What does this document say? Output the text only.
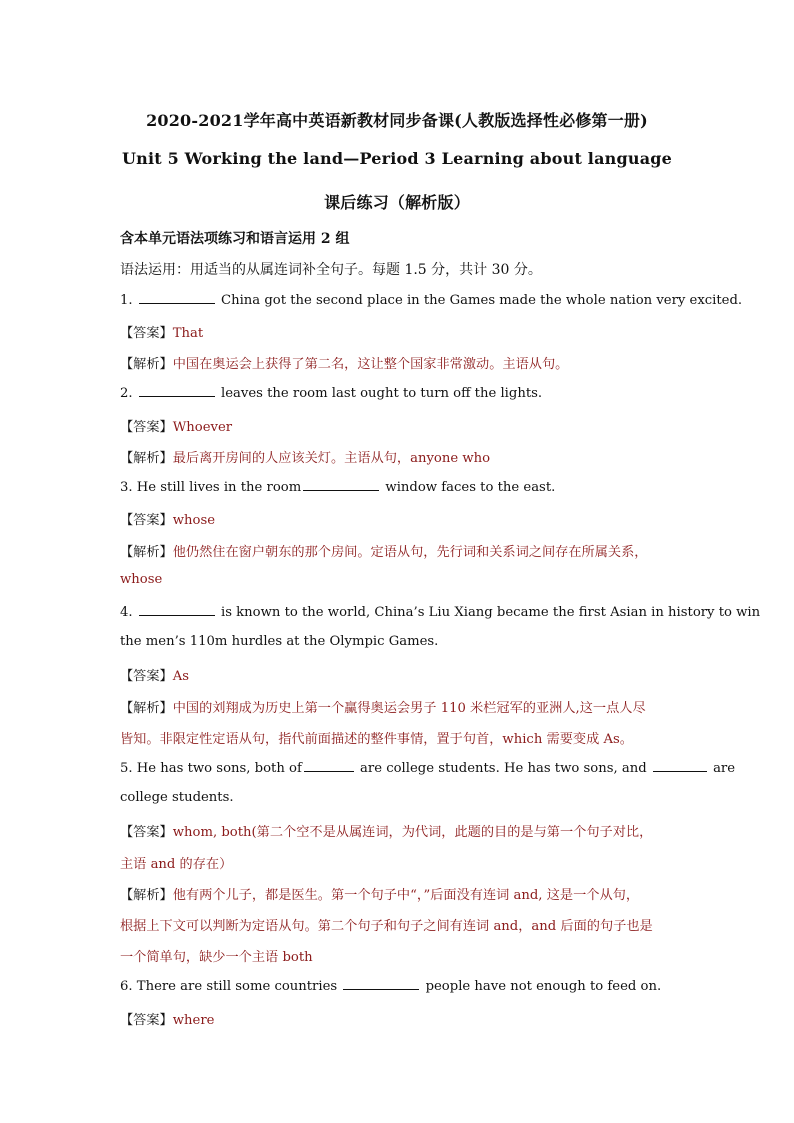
2020-2021学年高中英语新教材同步备课(人教版选择性必修第一册)
Unit 5 Working the land—Period 3 Learning about language
课后练习（解析版）
含本单元语法项练习和语言运用 2 组
语法运用：用适当的从属连词补全句子。每题 1.5 分，共计 30 分。
1.	China got the second place in the Games made the whole nation very excited.
【答案】That
【解析】中国在奥运会上获得了第二名，这让整个国家非常激动。主语从句。
2.	leaves the room last ought to turn off the lights.
【答案】Whoever
【解析】最后离开房间的人应该关灯。主语从句，anyone who
3. He still lives in the room	window faces to the east.
【答案】whose
【解析】他仍然住在窗户朝东的那个房间。定语从句，先行词和关系词之间存在所属关系，
whose
4.	is known to the world, China’s Liu Xiang became the first Asian in history to win
the men’s 110m hurdles at the Olympic Games.
【答案】As
【解析】中国的刘翔成为历史上第一个赢得奥运会男子 110 米栏冠军的亚洲人,这一点人尽
皆知。非限定性定语从句，指代前面描述的整件事情，置于句首，which 需要变成 As。
5. He has two sons, both of	are college students. He has two sons, and	are
college students.
【答案】whom, both(第二个空不是从属连词，为代词，此题的目的是与第一个句子对比，
主语 and 的存在）
【解析】他有两个儿子，都是医生。第一个句子中“，”后面没有连词 and, 这是一个从句，
根据上下文可以判断为定语从句。第二个句子和句子之间有连词 and，and 后面的句子也是
一个简单句，缺少一个主语 both
6. There are still some countries	people have not enough to feed on.
【答案】where
